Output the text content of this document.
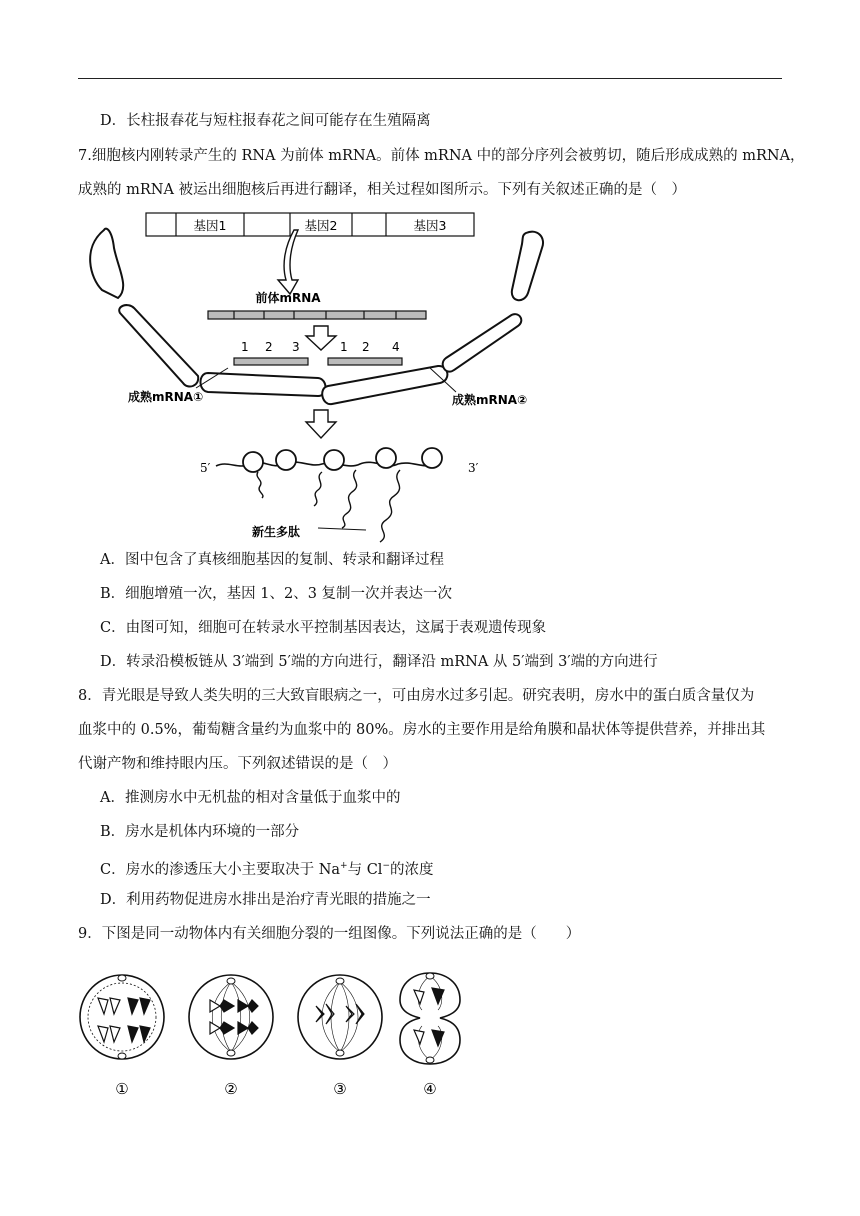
D．长柱报春花与短柱报春花之间可能存在生殖隔离
7.细胞核内刚转录产生的 RNA 为前体 mRNA。前体 mRNA 中的部分序列会被剪切，随后形成成熟的 mRNA，
成熟的 mRNA 被运出细胞核后再进行翻译，相关过程如图所示。下列有关叙述正确的是（　）
基因1	基因2	基因3
前体mRNA
1 2 3	1 2 4
成熟mRNA①	成熟mRNA②
5′	3′
新生多肽
A．图中包含了真核细胞基因的复制、转录和翻译过程
B．细胞增殖一次，基因 1、2、3 复制一次并表达一次
C．由图可知，细胞可在转录水平控制基因表达，这属于表观遗传现象
D．转录沿模板链从 3′端到 5′端的方向进行，翻译沿 mRNA 从 5′端到 3′端的方向进行
8．青光眼是导致人类失明的三大致盲眼病之一，可由房水过多引起。研究表明，房水中的蛋白质含量仅为
血浆中的 0.5%，葡萄糖含量约为血浆中的 80%。房水的主要作用是给角膜和晶状体等提供营养，并排出其
代谢产物和维持眼内压。下列叙述错误的是（　）
A．推测房水中无机盐的相对含量低于血浆中的
B．房水是机体内环境的一部分
C．房水的渗透压大小主要取决于 Na+与 Cl−的浓度
D．利用药物促进房水排出是治疗青光眼的措施之一
9．下图是同一动物体内有关细胞分裂的一组图像。下列说法正确的是（　　）
①	②	③	④
